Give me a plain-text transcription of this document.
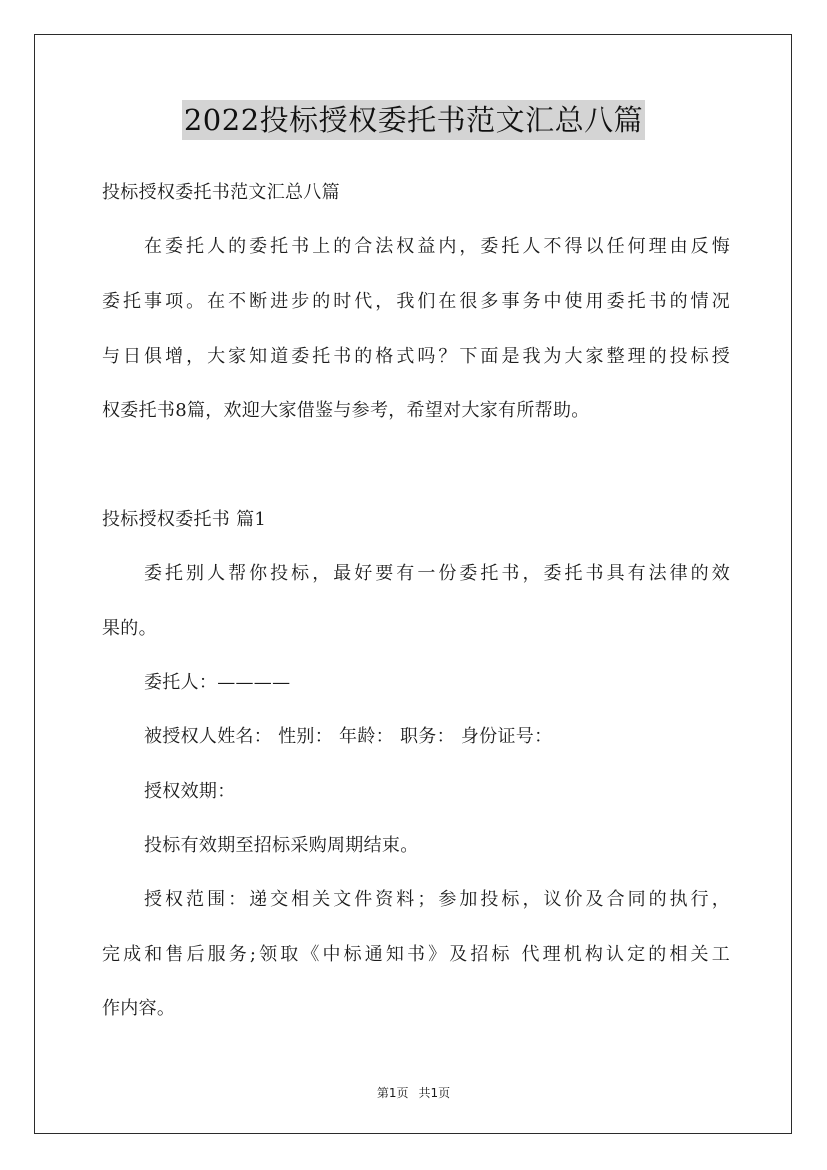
2022投标授权委托书范文汇总八篇
投标授权委托书范文汇总八篇
在委托人的委托书上的合法权益内，委托人不得以任何理由反悔
委托事项。在不断进步的时代，我们在很多事务中使用委托书的情况
与日俱增，大家知道委托书的格式吗？下面是我为大家整理的投标授
权委托书8篇，欢迎大家借鉴与参考，希望对大家有所帮助。
投标授权委托书 篇1
委托别人帮你投标，最好要有一份委托书，委托书具有法律的效
果的。
委托人：————
被授权人姓名： 性别： 年龄： 职务： 身份证号：
授权效期：
投标有效期至招标采购周期结束。
授权范围：递交相关文件资料；参加投标，议价及合同的执行，
完成和售后服务;领取《中标通知书》及招标 代理机构认定的相关工
作内容。
第1页 共1页
